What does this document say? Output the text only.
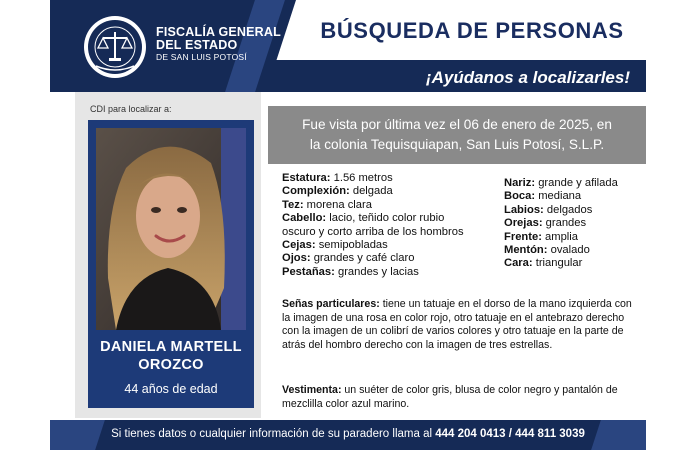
FISCALÍA GENERAL
DEL ESTADO
DE SAN LUIS POTOSÍ
BÚSQUEDA DE PERSONAS
¡Ayúdanos a localizarles!
CDI para localizar a:
DANIELA MARTELL
OROZCO
44 años de edad
Fue vista por última vez el 06 de enero de 2025, en
la colonia Tequisquiapan, San Luis Potosí, S.L.P.
Estatura: 1.56 metros
Complexión: delgada
Tez: morena clara
Cabello: lacio, teñido color rubio
oscuro y corto arriba de los hombros
Cejas: semipobladas
Ojos: grandes y café claro
Pestañas: grandes y lacias
Nariz: grande y afilada
Boca: mediana
Labios: delgados
Orejas: grandes
Frente: amplia
Mentón: ovalado
Cara: triangular
Señas particulares: tiene un tatuaje en el dorso de la mano izquierda con la imagen de una rosa en color rojo, otro tatuaje en el antebrazo derecho con la imagen de un colibrí de varios colores y otro tatuaje en la parte de atrás del hombro derecho con la imagen de tres estrellas.
Vestimenta: un suéter de color gris, blusa de color negro y pantalón de mezclilla color azul marino.
Si tienes datos o cualquier información de su paradero llama al 444 204 0413 / 444 811 3039
